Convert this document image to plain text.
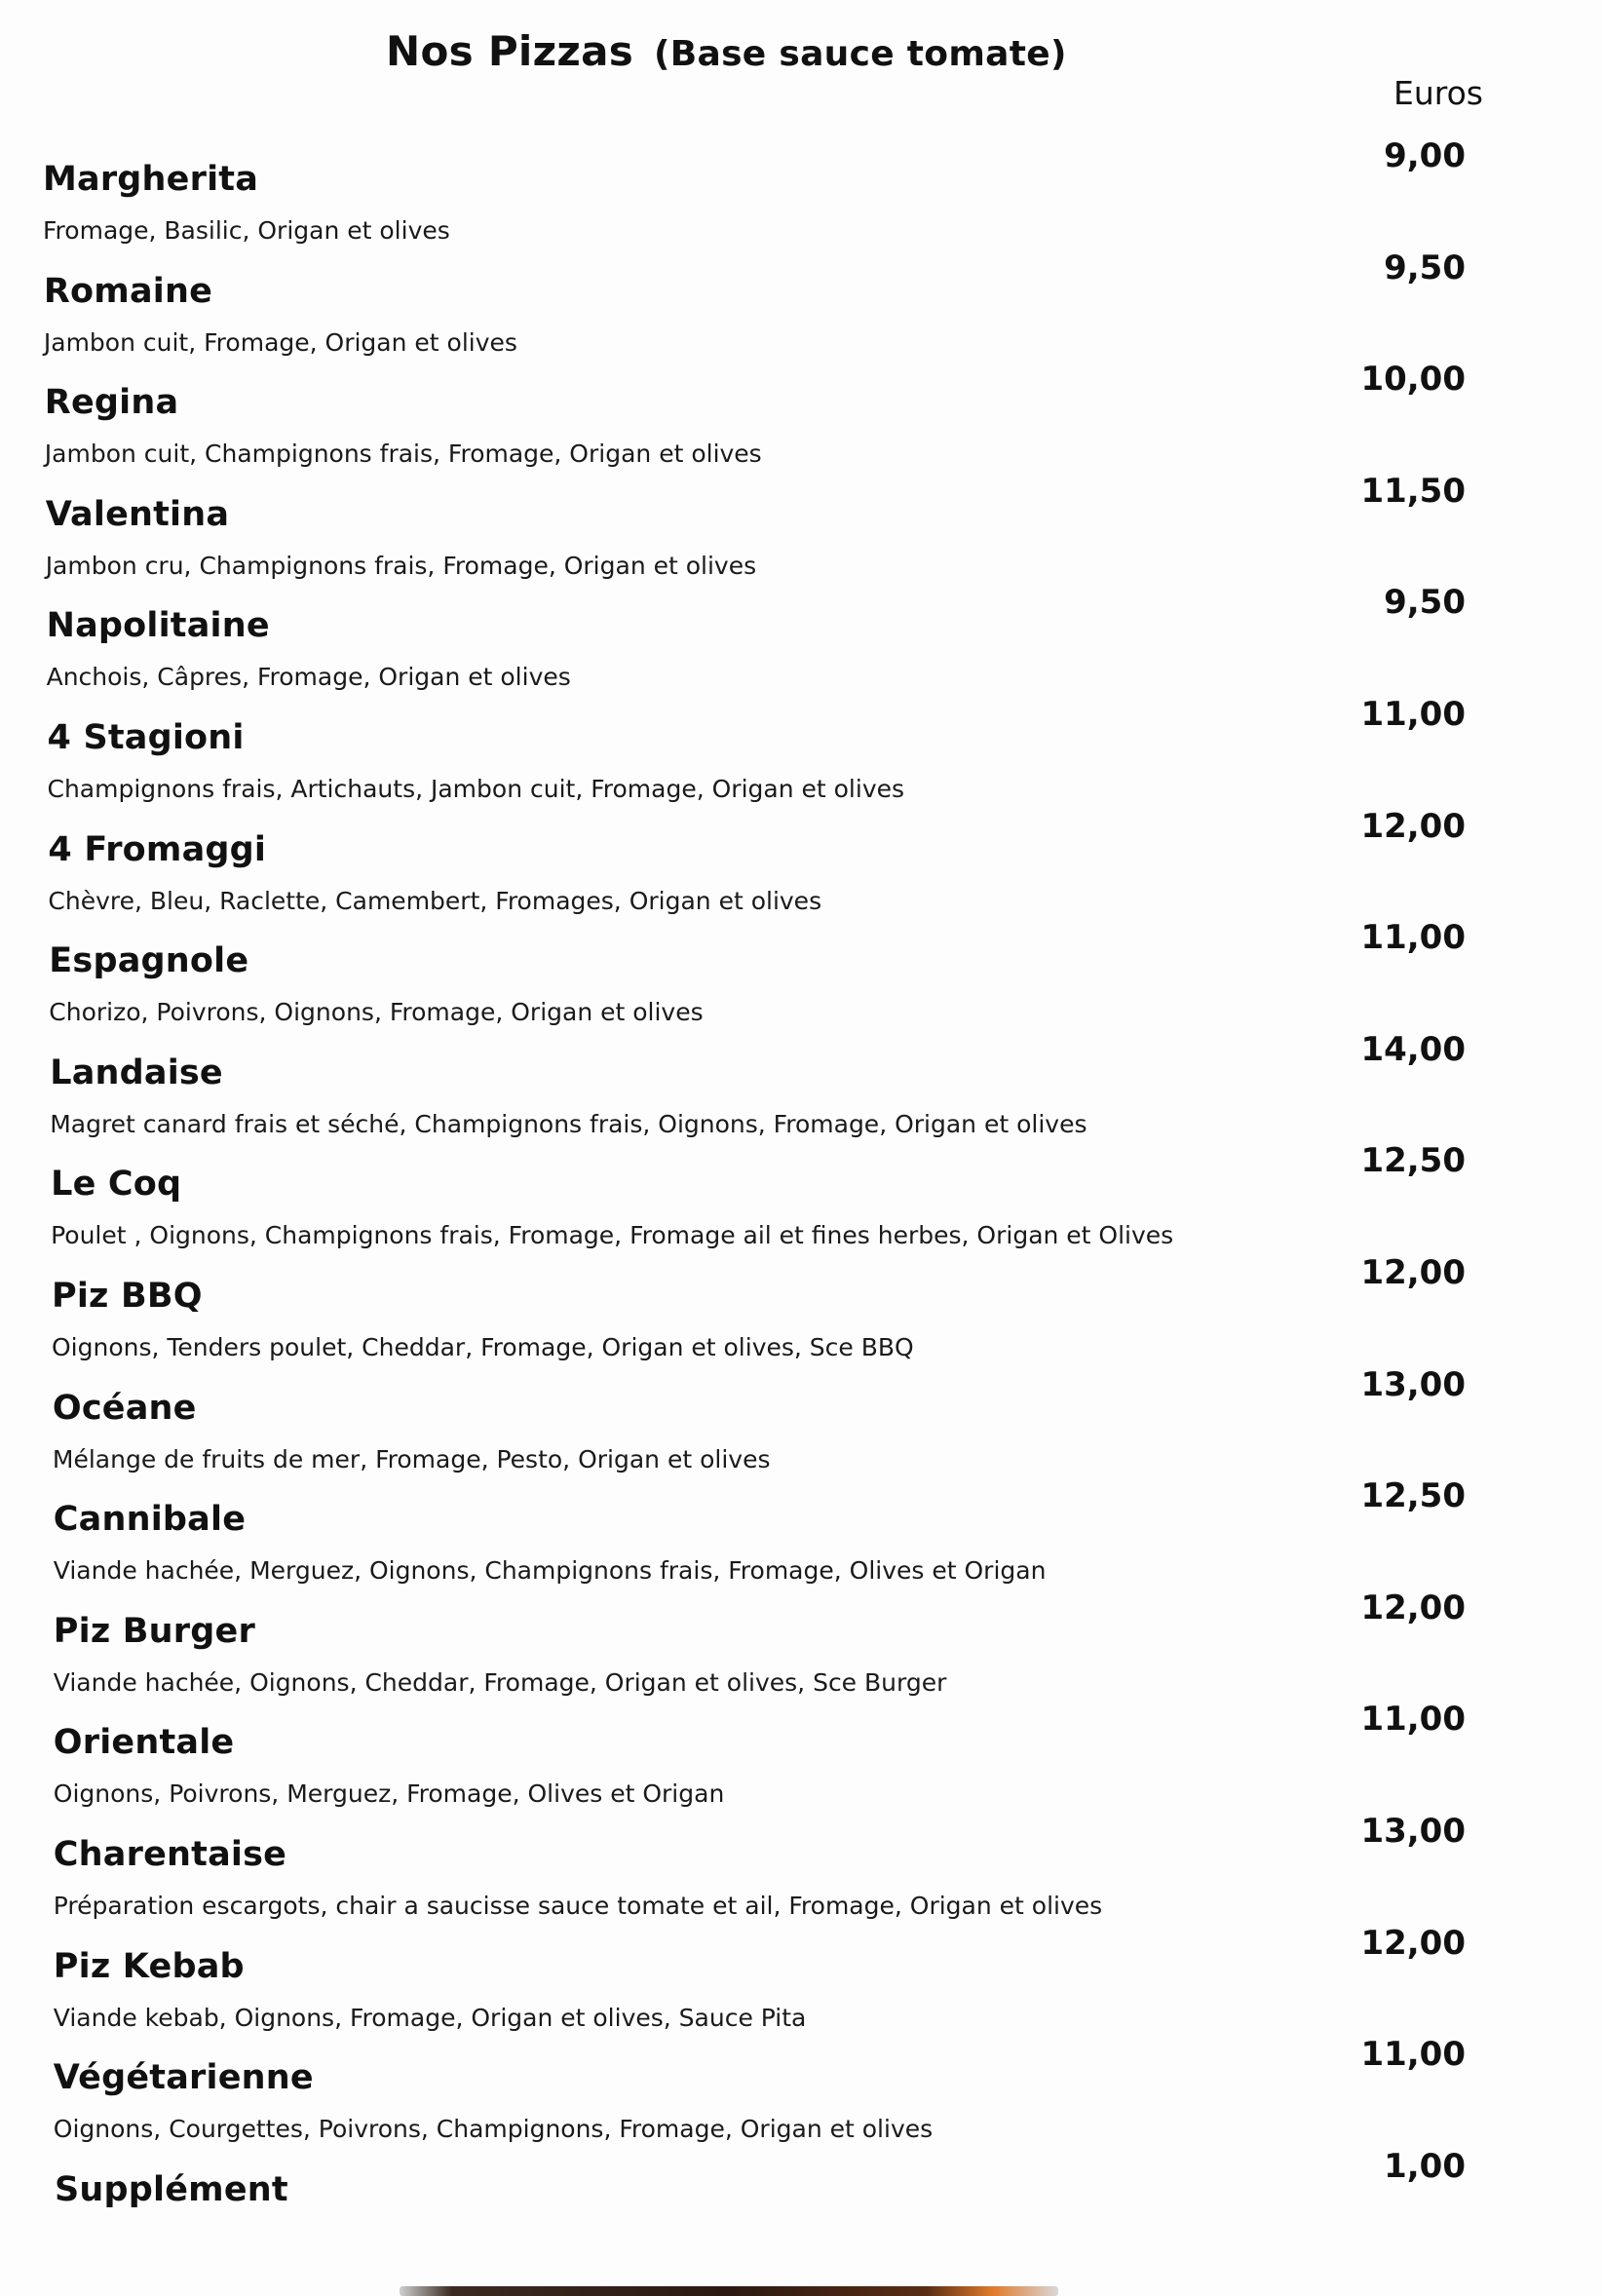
Nos Pizzas (Base sauce tomate)
Euros
9,00
Margherita
Fromage, Basilic, Origan et olives
9,50
Romaine
Jambon cuit, Fromage, Origan et olives
10,00
Regina
Jambon cuit, Champignons frais, Fromage, Origan et olives
11,50
Valentina
Jambon cru, Champignons frais, Fromage, Origan et olives
9,50
Napolitaine
Anchois, Câpres, Fromage, Origan et olives
11,00
4 Stagioni
Champignons frais, Artichauts, Jambon cuit, Fromage, Origan et olives
12,00
4 Fromaggi
Chèvre, Bleu, Raclette, Camembert, Fromages, Origan et olives
11,00
Espagnole
Chorizo, Poivrons, Oignons, Fromage, Origan et olives
14,00
Landaise
Magret canard frais et séché, Champignons frais, Oignons, Fromage, Origan et olives
12,50
Le Coq
Poulet , Oignons, Champignons frais, Fromage, Fromage ail et fines herbes, Origan et Olives
12,00
Piz BBQ
Oignons, Tenders poulet, Cheddar, Fromage, Origan et olives, Sce BBQ
13,00
Océane
Mélange de fruits de mer, Fromage, Pesto, Origan et olives
12,50
Cannibale
Viande hachée, Merguez, Oignons, Champignons frais, Fromage, Olives et Origan
12,00
Piz Burger
Viande hachée, Oignons, Cheddar, Fromage, Origan et olives, Sce Burger
11,00
Orientale
Oignons, Poivrons, Merguez, Fromage, Olives et Origan
13,00
Charentaise
Préparation escargots, chair a saucisse sauce tomate et ail, Fromage, Origan et olives
12,00
Piz Kebab
Viande kebab, Oignons, Fromage, Origan et olives, Sauce Pita
11,00
Végétarienne
Oignons, Courgettes, Poivrons, Champignons, Fromage, Origan et olives
1,00
Supplément
